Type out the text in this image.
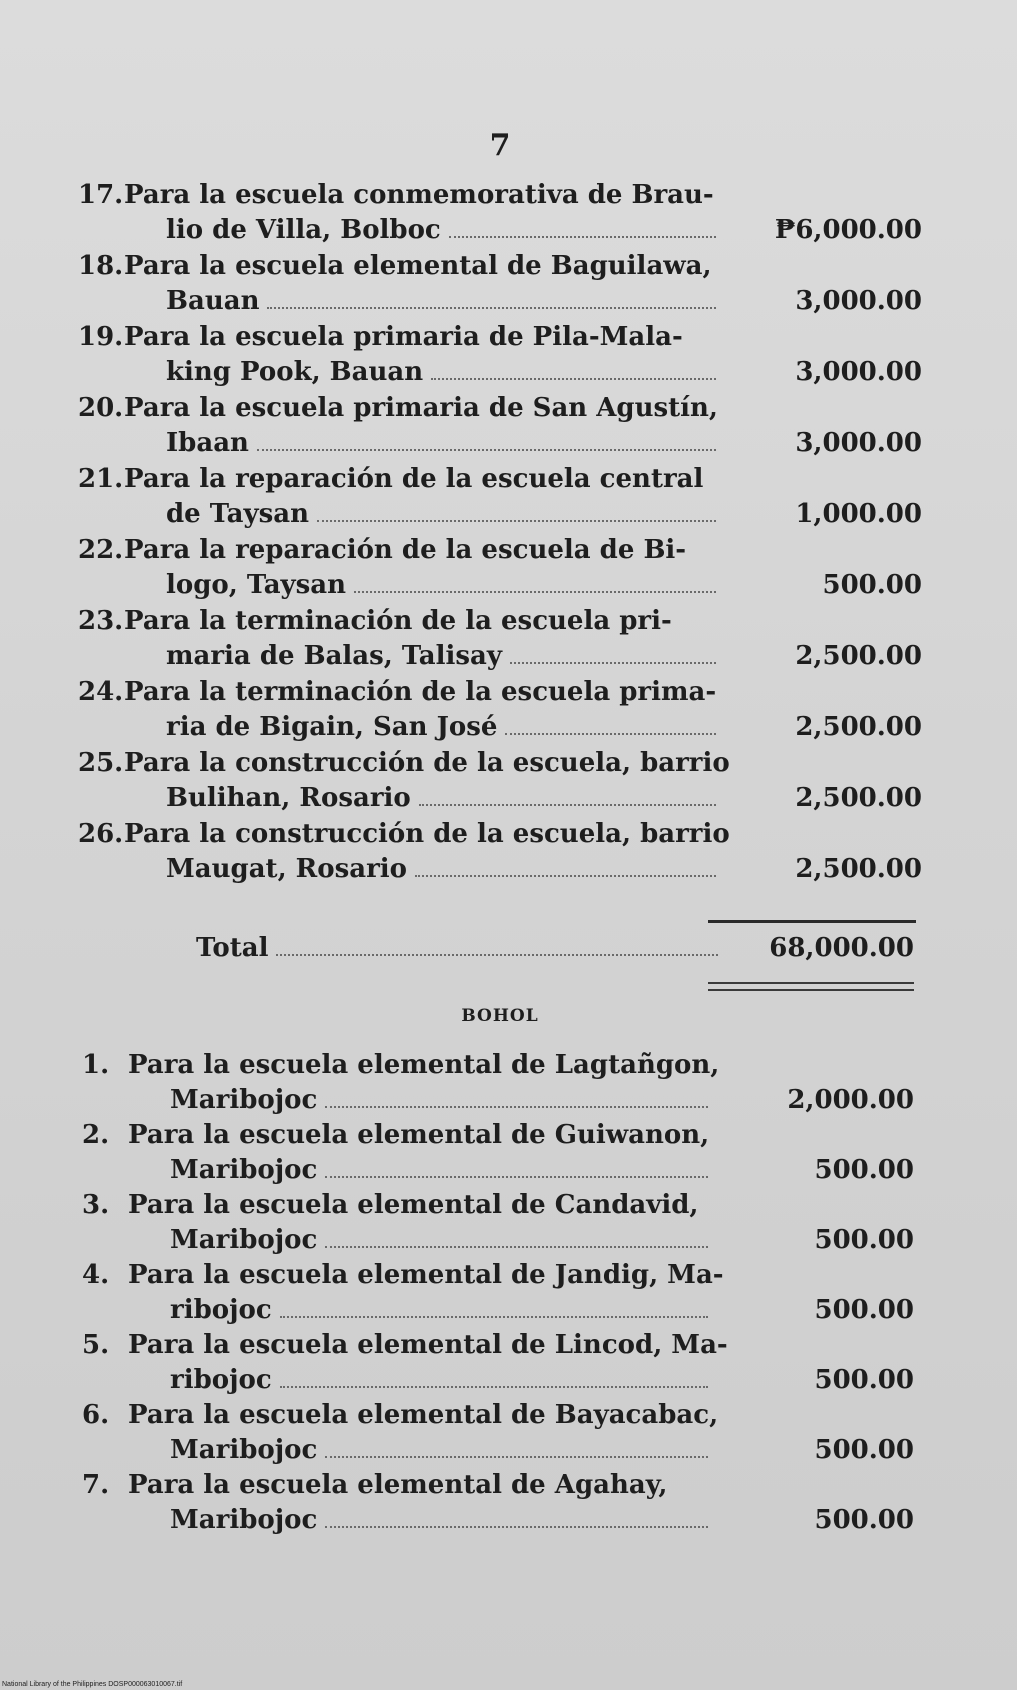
7
17. Para la escuela conmemorativa de Brau-
lio de Villa, Bolboc	₱6,000.00
18. Para la escuela elemental de Baguilawa,
Bauan	3,000.00
19. Para la escuela primaria de Pila-Mala-
king Pook, Bauan	3,000.00
20. Para la escuela primaria de San Agustín,
Ibaan	3,000.00
21. Para la reparación de la escuela central
de Taysan	1,000.00
22. Para la reparación de la escuela de Bi-
logo, Taysan	500.00
23. Para la terminación de la escuela pri-
maria de Balas, Talisay	2,500.00
24. Para la terminación de la escuela prima-
ria de Bigain, San José	2,500.00
25. Para la construcción de la escuela, barrio
Bulihan, Rosario	2,500.00
26. Para la construcción de la escuela, barrio
Maugat, Rosario	2,500.00
Total	68,000.00
BOHOL
1. Para la escuela elemental de Lagtañgon,
Maribojoc	2,000.00
2. Para la escuela elemental de Guiwanon,
Maribojoc	500.00
3. Para la escuela elemental de Candavid,
Maribojoc	500.00
4. Para la escuela elemental de Jandig, Ma-
ribojoc	500.00
5. Para la escuela elemental de Lincod, Ma-
ribojoc	500.00
6. Para la escuela elemental de Bayacabac,
Maribojoc	500.00
7. Para la escuela elemental de Agahay,
Maribojoc	500.00
National Library of the Philippines DOSP000063010067.tif
